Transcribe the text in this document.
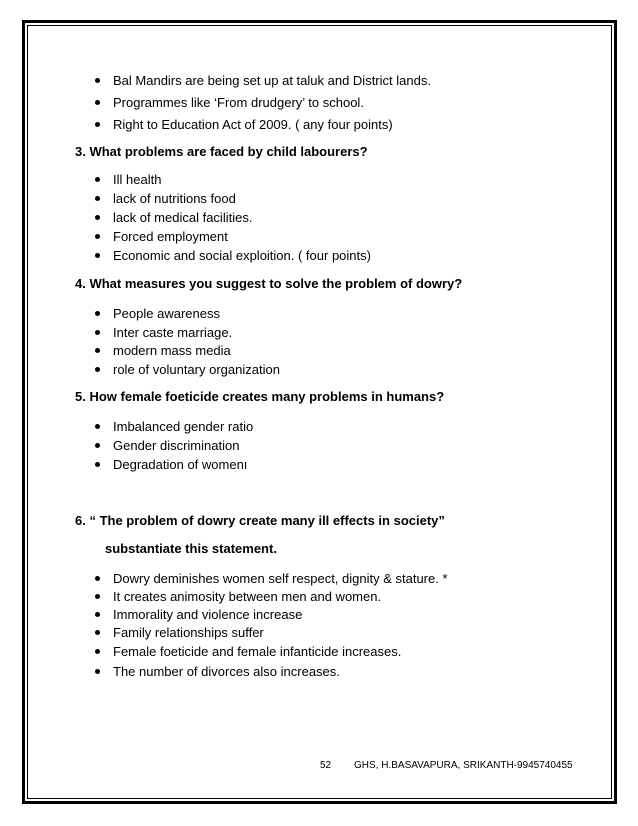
Bal Mandirs are being set up at taluk and District lands.
Programmes like ‘From drudgery’ to school.
Right to Education Act of 2009. ( any four points)
3. What problems are faced by child labourers?
Ill health
lack of nutritions food
lack of medical facilities.
Forced employment
Economic and social exploition. ( four points)
4. What measures you suggest to solve the problem of dowry?
People awareness
Inter caste marriage.
modern mass media
role of voluntary organization
5. How female foeticide creates many problems in humans?
Imbalanced gender ratio
Gender discrimination
Degradation of womenı
6. “ The problem of dowry create many ill effects in society”
substantiate this statement.
Dowry deminishes women self respect, dignity & stature. *
It creates animosity between men and women.
Immorality and violence increase
Family relationships suffer
Female foeticide and female infanticide increases.
The number of divorces also increases.
52 GHS, H.BASAVAPURA, SRIKANTH-9945740455
